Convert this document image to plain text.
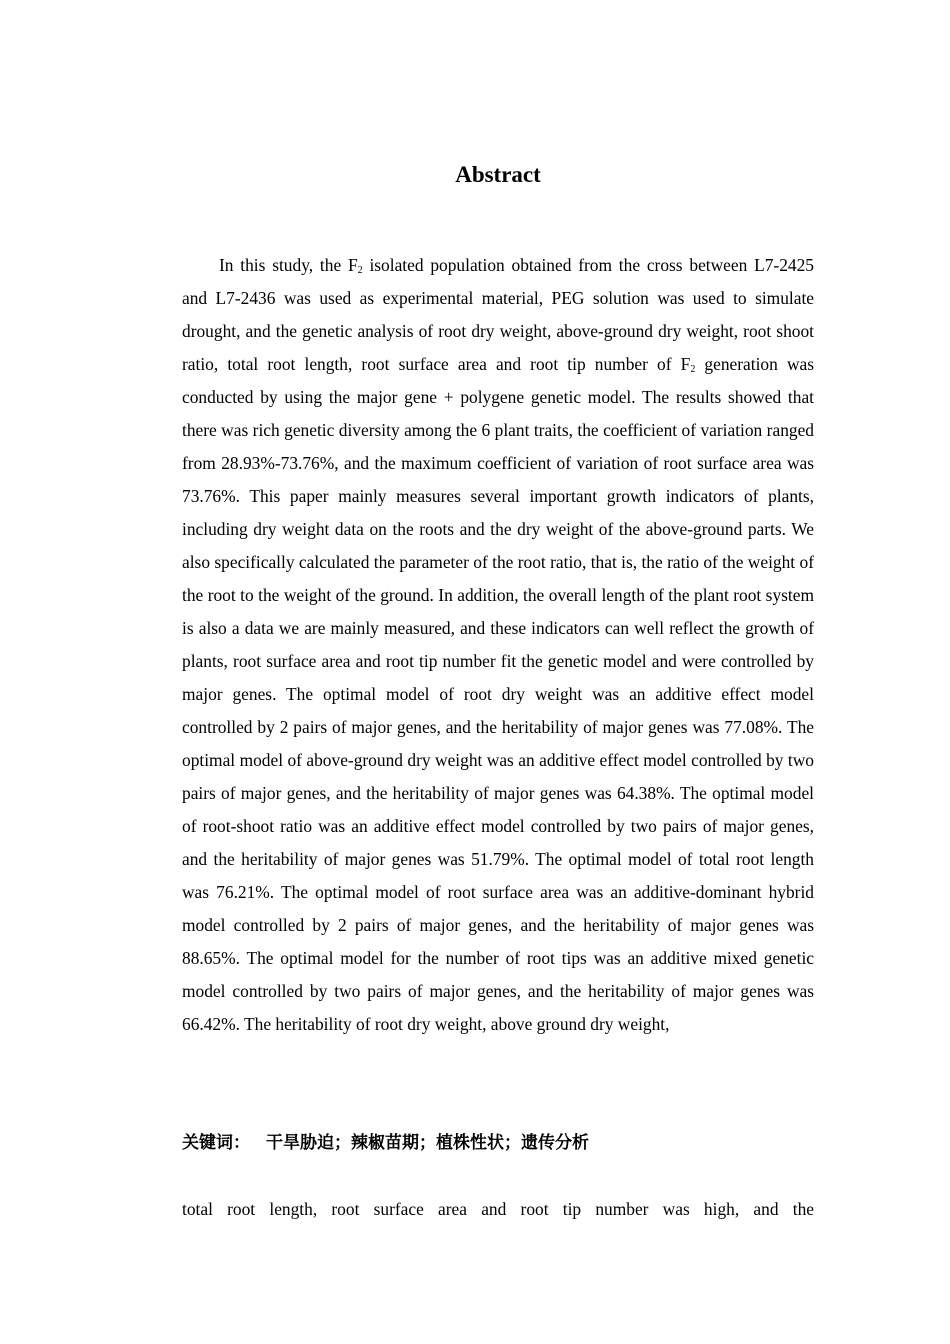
Abstract

In this study, the $F_2$ isolated population obtained from the cross between L7-2425 and L7-2436 was used as experimental material, PEG solution was used to simulate drought, and the genetic analysis of root dry weight, above-ground dry weight, root shoot ratio, total root length, root surface area and root tip number of $F_2$ generation was conducted by using the major gene + polygene genetic model. The results showed that there was rich genetic diversity among the 6 plant traits, the coefficient of variation ranged from 28.93%-73.76%, and the maximum coefficient of variation of root surface area was 73.76%. This paper mainly measures several important growth indicators of plants, including dry weight data on the roots and the dry weight of the above-ground parts. We also specifically calculated the parameter of the root ratio, that is, the ratio of the weight of the root to the weight of the ground. In addition, the overall length of the plant root system is also a data we are mainly measured, and these indicators can well reflect the growth of plants, root surface area and root tip number fit the genetic model and were controlled by major genes. The optimal model of root dry weight was an additive effect model controlled by 2 pairs of major genes, and the heritability of major genes was 77.08%. The optimal model of above-ground dry weight was an additive effect model controlled by two pairs of major genes, and the heritability of major genes was 64.38%. The optimal model of root-shoot ratio was an additive effect model controlled by two pairs of major genes, and the heritability of major genes was 51.79%. The optimal model of total root length was 76.21%. The optimal model of root surface area was an additive-dominant hybrid model controlled by 2 pairs of major genes, and the heritability of major genes was 88.65%. The optimal model for the number of root tips was an additive mixed genetic model controlled by two pairs of major genes, and the heritability of major genes was 66.42%. The heritability of root dry weight, above ground dry weight,

关键词： 干旱胁迫；辣椒苗期；植株性状；遗传分析

total root length, root surface area and root tip number was high, and the
